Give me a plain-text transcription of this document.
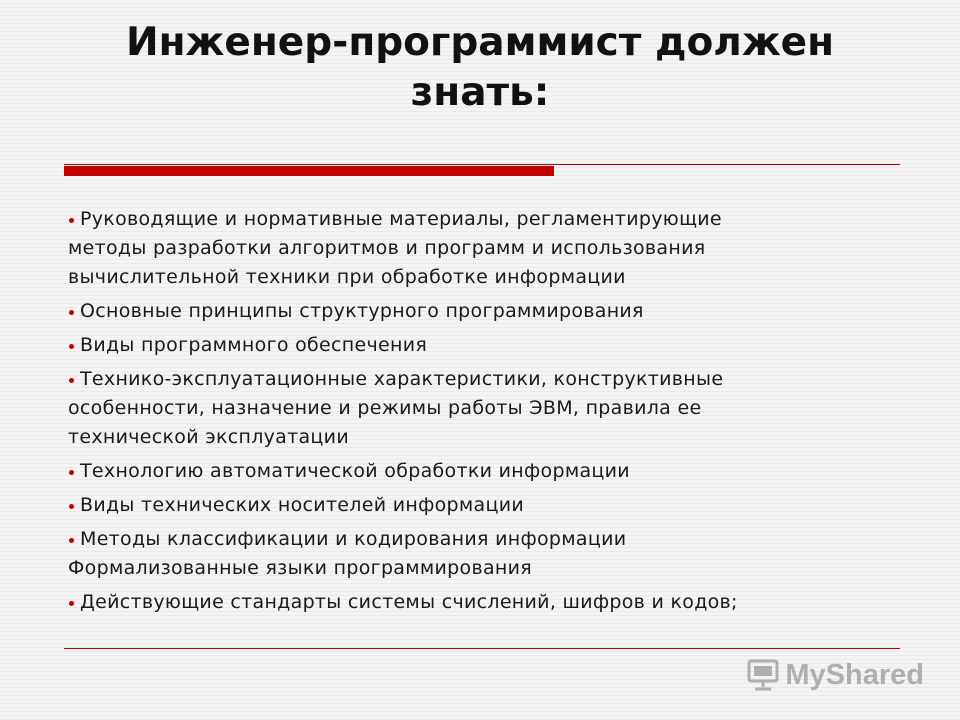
Инженер-программист должен
знать:
Руководящие и нормативные материалы, регламентирующие
методы разработки алгоритмов и программ и использования
вычислительной техники при обработке информации
Основные принципы структурного программирования
Виды программного обеспечения
Технико-эксплуатационные характеристики, конструктивные
особенности, назначение и режимы работы ЭВМ, правила ее
технической эксплуатации
Технологию автоматической обработки информации
Виды технических носителей информации
Методы классификации и кодирования информации
Формализованные языки программирования
Действующие стандарты системы счислений, шифров и кодов;
MyShared
